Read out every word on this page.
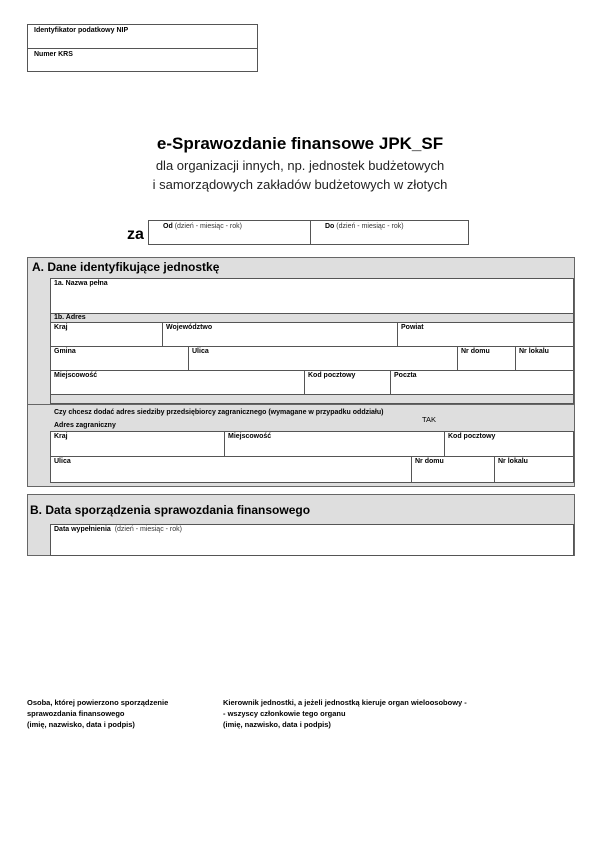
Identyfikator podatkowy NIP
Numer KRS
e-Sprawozdanie finansowe JPK_SF
dla organizacji innych, np. jednostek budżetowych
i samorządowych zakładów budżetowych w złotych
za	Od (dzień - miesiąc - rok)	Do (dzień - miesiąc - rok)
A. Dane identyfikujące jednostkę
1a. Nazwa pełna
1b. Adres
Kraj	Województwo	Powiat
Gmina	Ulica	Nr domu	Nr lokalu
Miejscowość	Kod pocztowy	Poczta
Czy chcesz dodać adres siedziby przedsiębiorcy zagranicznego (wymagane w przypadku oddziału)
TAK
Adres zagraniczny
Kraj	Miejscowość	Kod pocztowy
Ulica	Nr domu	Nr lokalu
B. Data sporządzenia sprawozdania finansowego
Data wypełnienia (dzień - miesiąc - rok)
Osoba, której powierzono sporządzenie
sprawozdania finansowego
(imię, nazwisko, data i podpis)
Kierownik jednostki, a jeżeli jednostką kieruje organ wieloosobowy -
- wszyscy członkowie tego organu
(imię, nazwisko, data i podpis)
